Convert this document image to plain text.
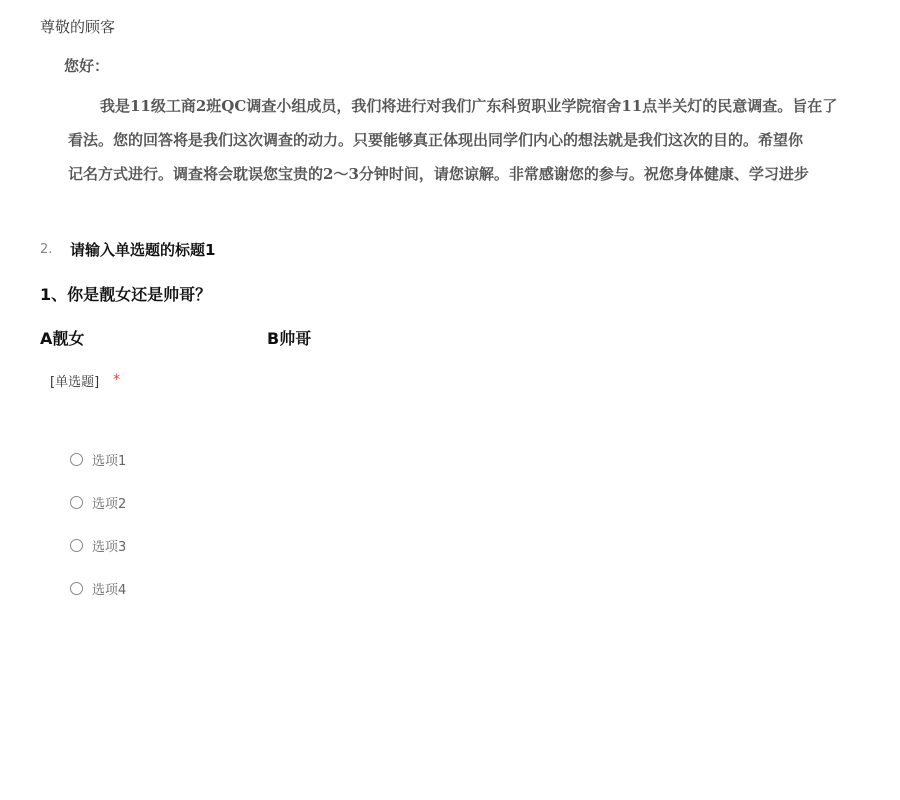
尊敬的顾客
您好：
我是11级工商2班QC调查小组成员，我们将进行对我们广东科贸职业学院宿舍11点半关灯的民意调查。旨在了
看法。您的回答将是我们这次调查的动力。只要能够真正体现出同学们内心的想法就是我们这次的目的。希望你
记名方式进行。调查将会耽误您宝贵的2～3分钟时间，请您谅解。非常感谢您的参与。祝您身体健康、学习进步
2.	请输入单选题的标题1
1、你是靓女还是帅哥？
A靓女	B帅哥
[单选题] *
选项1
选项2
选项3
选项4
